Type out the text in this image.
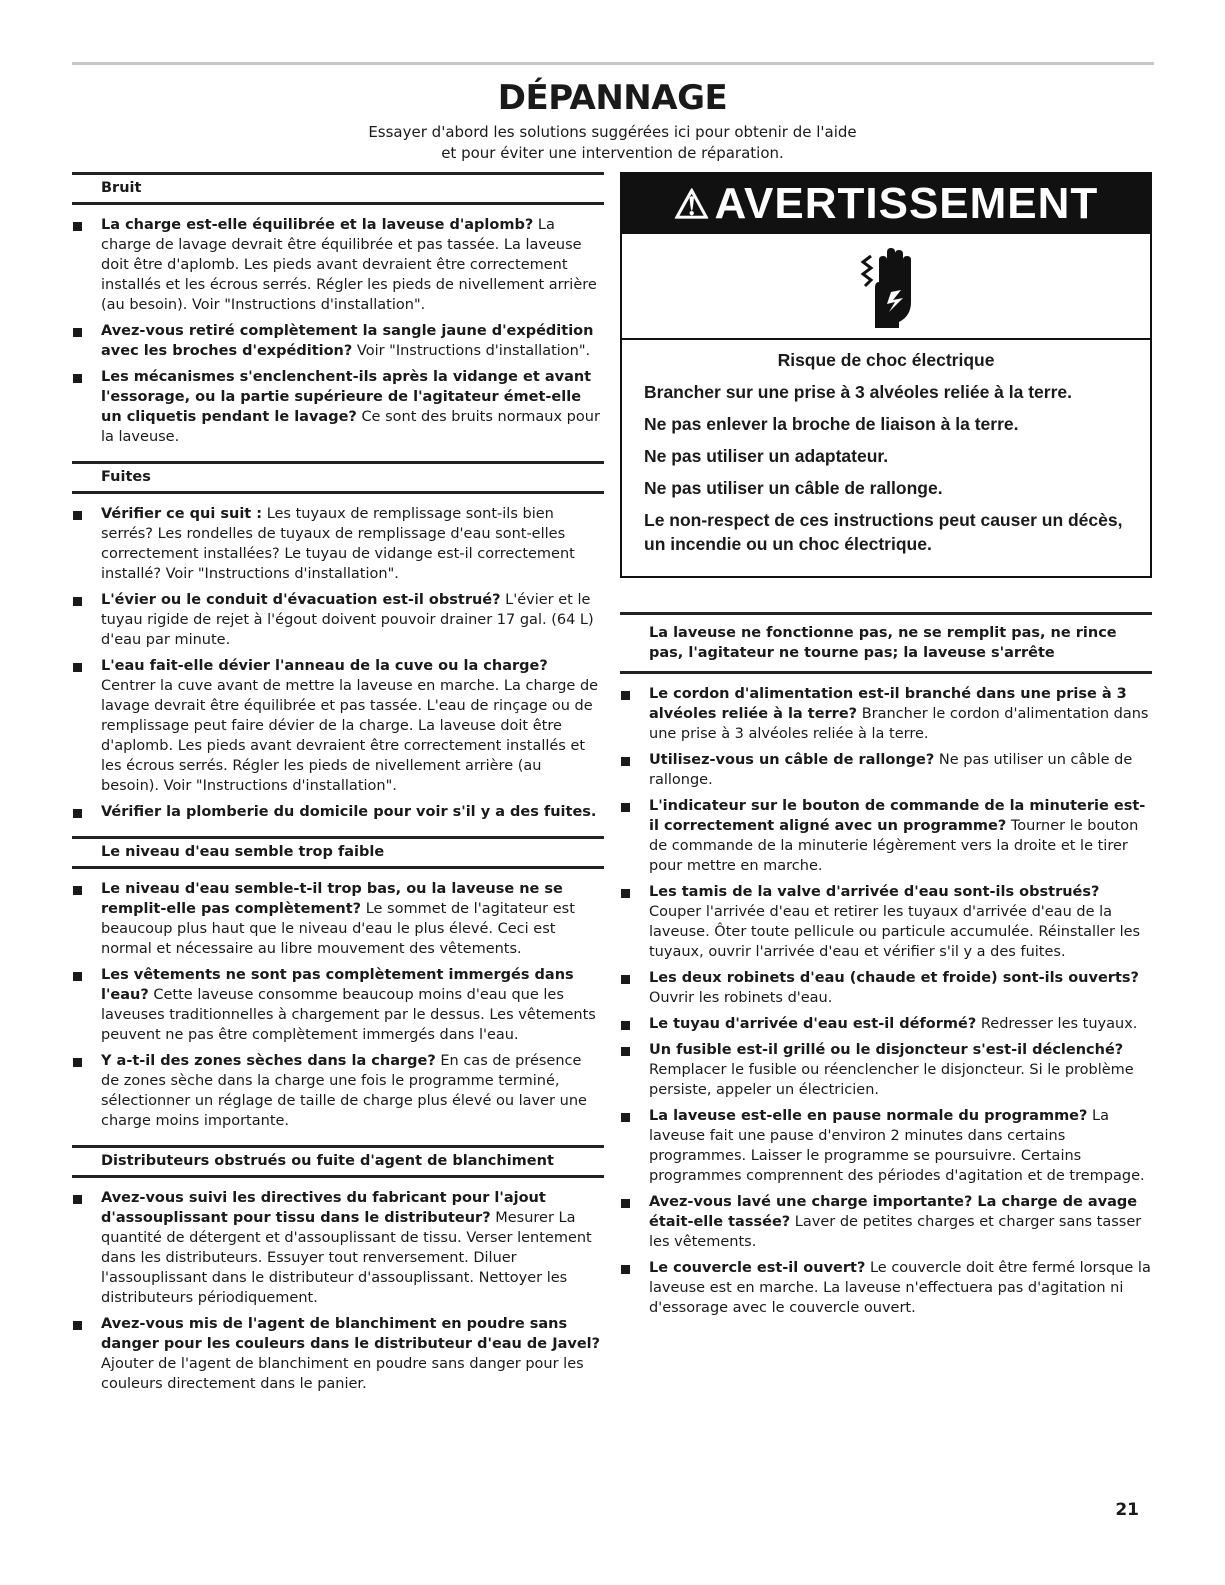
DÉPANNAGE
Essayer d'abord les solutions suggérées ici pour obtenir de l'aide
et pour éviter une intervention de réparation.
Bruit
La charge est-elle équilibrée et la laveuse d'aplomb? La charge de lavage devrait être équilibrée et pas tassée. La laveuse doit être d'aplomb. Les pieds avant devraient être correctement installés et les écrous serrés. Régler les pieds de nivellement arrière (au besoin). Voir "Instructions d'installation".
Avez-vous retiré complètement la sangle jaune d'expédition avec les broches d'expédition? Voir "Instructions d'installation".
Les mécanismes s'enclenchent-ils après la vidange et avant l'essorage, ou la partie supérieure de l'agitateur émet-elle un cliquetis pendant le lavage? Ce sont des bruits normaux pour la laveuse.
Fuites
Vérifier ce qui suit : Les tuyaux de remplissage sont-ils bien serrés? Les rondelles de tuyaux de remplissage d'eau sont-elles correctement installées? Le tuyau de vidange est-il correctement installé? Voir "Instructions d'installation".
L'évier ou le conduit d'évacuation est-il obstrué? L'évier et le tuyau rigide de rejet à l'égout doivent pouvoir drainer 17 gal. (64 L) d'eau par minute.
L'eau fait-elle dévier l'anneau de la cuve ou la charge? Centrer la cuve avant de mettre la laveuse en marche. La charge de lavage devrait être équilibrée et pas tassée. L'eau de rinçage ou de remplissage peut faire dévier de la charge. La laveuse doit être d'aplomb. Les pieds avant devraient être correctement installés et les écrous serrés. Régler les pieds de nivellement arrière (au besoin). Voir "Instructions d'installation".
Vérifier la plomberie du domicile pour voir s'il y a des fuites.
Le niveau d'eau semble trop faible
Le niveau d'eau semble-t-il trop bas, ou la laveuse ne se remplit-elle pas complètement? Le sommet de l'agitateur est beaucoup plus haut que le niveau d'eau le plus élevé. Ceci est normal et nécessaire au libre mouvement des vêtements.
Les vêtements ne sont pas complètement immergés dans l'eau? Cette laveuse consomme beaucoup moins d'eau que les laveuses traditionnelles à chargement par le dessus. Les vêtements peuvent ne pas être complètement immergés dans l'eau.
Y a-t-il des zones sèches dans la charge? En cas de présence de zones sèche dans la charge une fois le programme terminé, sélectionner un réglage de taille de charge plus élevé ou laver une charge moins importante.
Distributeurs obstrués ou fuite d'agent de blanchiment
Avez-vous suivi les directives du fabricant pour l'ajout d'assouplissant pour tissu dans le distributeur? Mesurer La quantité de détergent et d'assouplissant de tissu. Verser lentement dans les distributeurs. Essuyer tout renversement. Diluer l'assouplissant dans le distributeur d'assouplissant. Nettoyer les distributeurs périodiquement.
Avez-vous mis de l'agent de blanchiment en poudre sans danger pour les couleurs dans le distributeur d'eau de Javel? Ajouter de l'agent de blanchiment en poudre sans danger pour les couleurs directement dans le panier.
⚠AVERTISSEMENT
Risque de choc électrique

Brancher sur une prise à 3 alvéoles reliée à la terre.

Ne pas enlever la broche de liaison à la terre.

Ne pas utiliser un adaptateur.

Ne pas utiliser un câble de rallonge.

Le non-respect de ces instructions peut causer un décès, un incendie ou un choc électrique.

La laveuse ne fonctionne pas, ne se remplit pas, ne rince pas, l'agitateur ne tourne pas; la laveuse s'arrête
Le cordon d'alimentation est-il branché dans une prise à 3 alvéoles reliée à la terre? Brancher le cordon d'alimentation dans une prise à 3 alvéoles reliée à la terre.
Utilisez-vous un câble de rallonge? Ne pas utiliser un câble de rallonge.
L'indicateur sur le bouton de commande de la minuterie est-il correctement aligné avec un programme? Tourner le bouton de commande de la minuterie légèrement vers la droite et le tirer pour mettre en marche.
Les tamis de la valve d'arrivée d'eau sont-ils obstrués? Couper l'arrivée d'eau et retirer les tuyaux d'arrivée d'eau de la laveuse. Ôter toute pellicule ou particule accumulée. Réinstaller les tuyaux, ouvrir l'arrivée d'eau et vérifier s'il y a des fuites.
Les deux robinets d'eau (chaude et froide) sont-ils ouverts? Ouvrir les robinets d'eau.
Le tuyau d'arrivée d'eau est-il déformé? Redresser les tuyaux.
Un fusible est-il grillé ou le disjoncteur s'est-il déclenché? Remplacer le fusible ou réenclencher le disjoncteur. Si le problème persiste, appeler un électricien.
La laveuse est-elle en pause normale du programme? La laveuse fait une pause d'environ 2 minutes dans certains programmes. Laisser le programme se poursuivre. Certains programmes comprennent des périodes d'agitation et de trempage.
Avez-vous lavé une charge importante? La charge de avage était-elle tassée? Laver de petites charges et charger sans tasser les vêtements.
Le couvercle est-il ouvert? Le couvercle doit être fermé lorsque la laveuse est en marche. La laveuse n'effectuera pas d'agitation ni d'essorage avec le couvercle ouvert.
21
